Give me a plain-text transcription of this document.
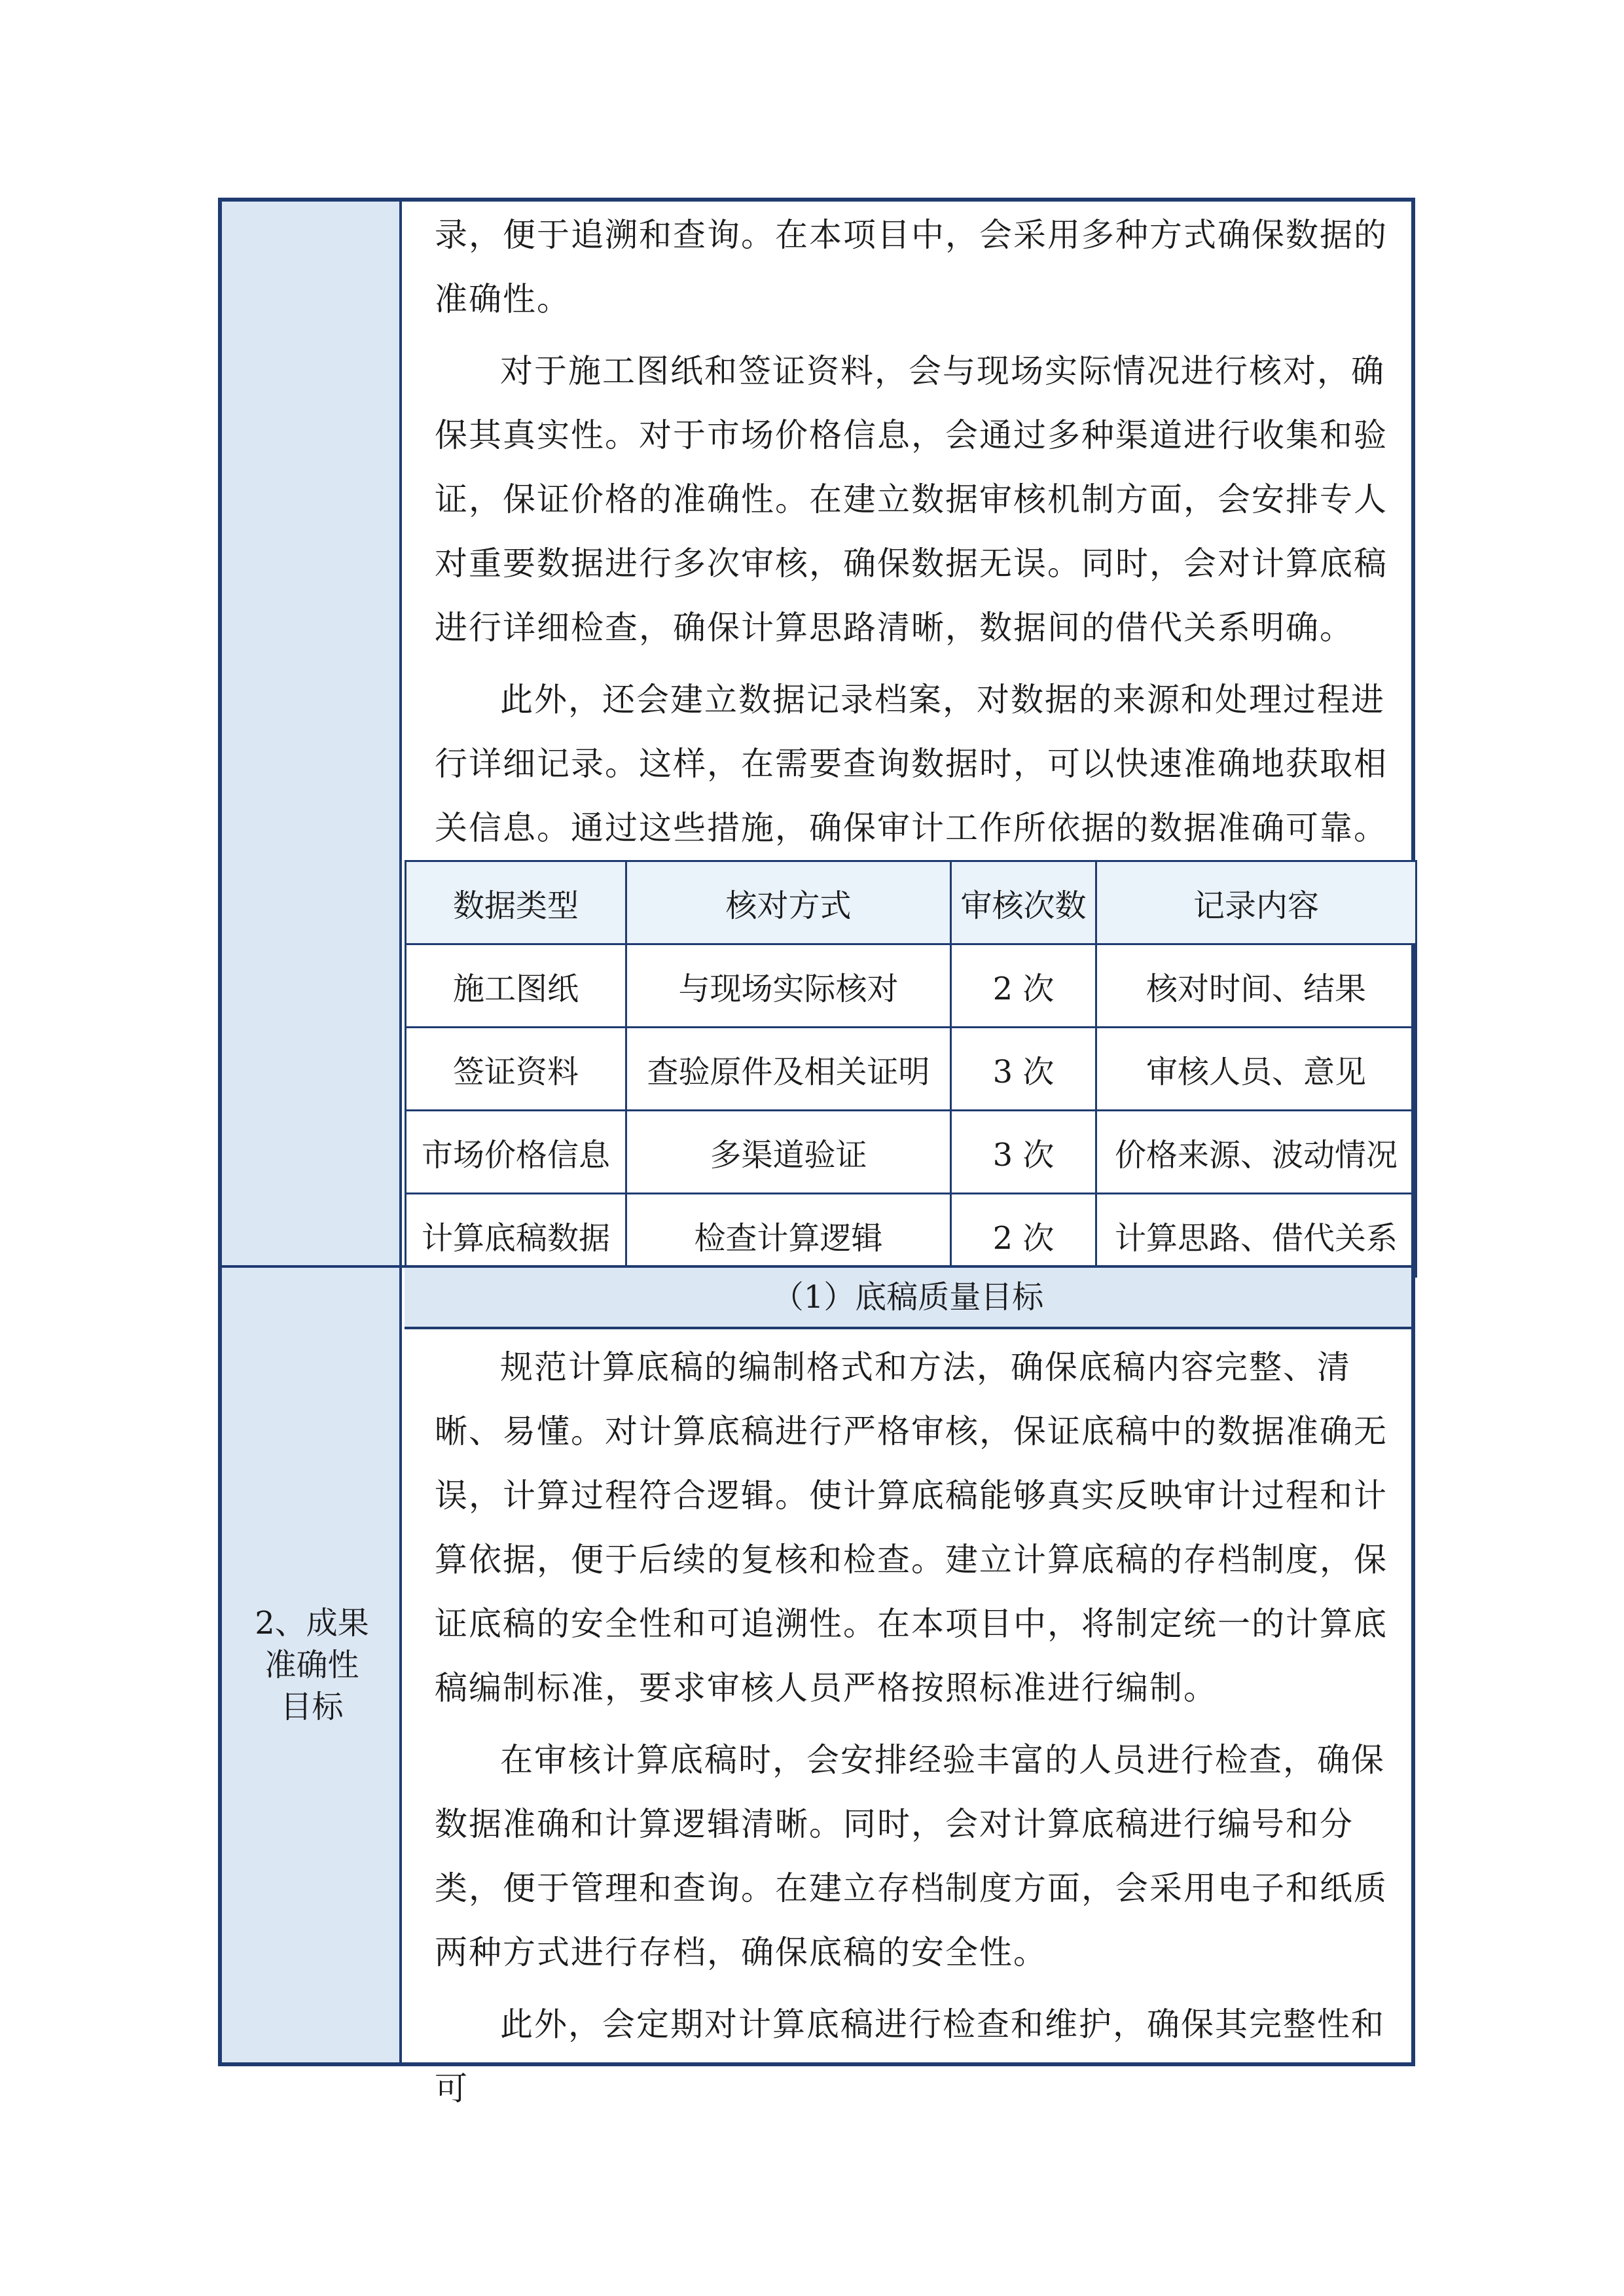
2、成果
准确性
目标

录，便于追溯和查询。在本项目中，会采用多种方式确保数据的准确性。

对于施工图纸和签证资料，会与现场实际情况进行核对，确保其真实性。对于市场价格信息，会通过多种渠道进行收集和验证，保证价格的准确性。在建立数据审核机制方面，会安排专人对重要数据进行多次审核，确保数据无误。同时，会对计算底稿进行详细检查，确保计算思路清晰，数据间的借代关系明确。

此外，还会建立数据记录档案，对数据的来源和处理过程进行详细记录。这样，在需要查询数据时，可以快速准确地获取相关信息。通过这些措施，确保审计工作所依据的数据准确可靠。

数据类型	核对方式	审核次数	记录内容
施工图纸	与现场实际核对	2 次	核对时间、结果
签证资料	查验原件及相关证明	3 次	审核人员、意见
市场价格信息	多渠道验证	3 次	价格来源、波动情况
计算底稿数据	检查计算逻辑	2 次	计算思路、借代关系
（1）底稿质量目标

规范计算底稿的编制格式和方法，确保底稿内容完整、清晰、易懂。对计算底稿进行严格审核，保证底稿中的数据准确无误，计算过程符合逻辑。使计算底稿能够真实反映审计过程和计算依据，便于后续的复核和检查。建立计算底稿的存档制度，保证底稿的安全性和可追溯性。在本项目中，将制定统一的计算底稿编制标准，要求审核人员严格按照标准进行编制。

在审核计算底稿时，会安排经验丰富的人员进行检查，确保数据准确和计算逻辑清晰。同时，会对计算底稿进行编号和分类，便于管理和查询。在建立存档制度方面，会采用电子和纸质两种方式进行存档，确保底稿的安全性。

此外，会定期对计算底稿进行检查和维护，确保其完整性和可
